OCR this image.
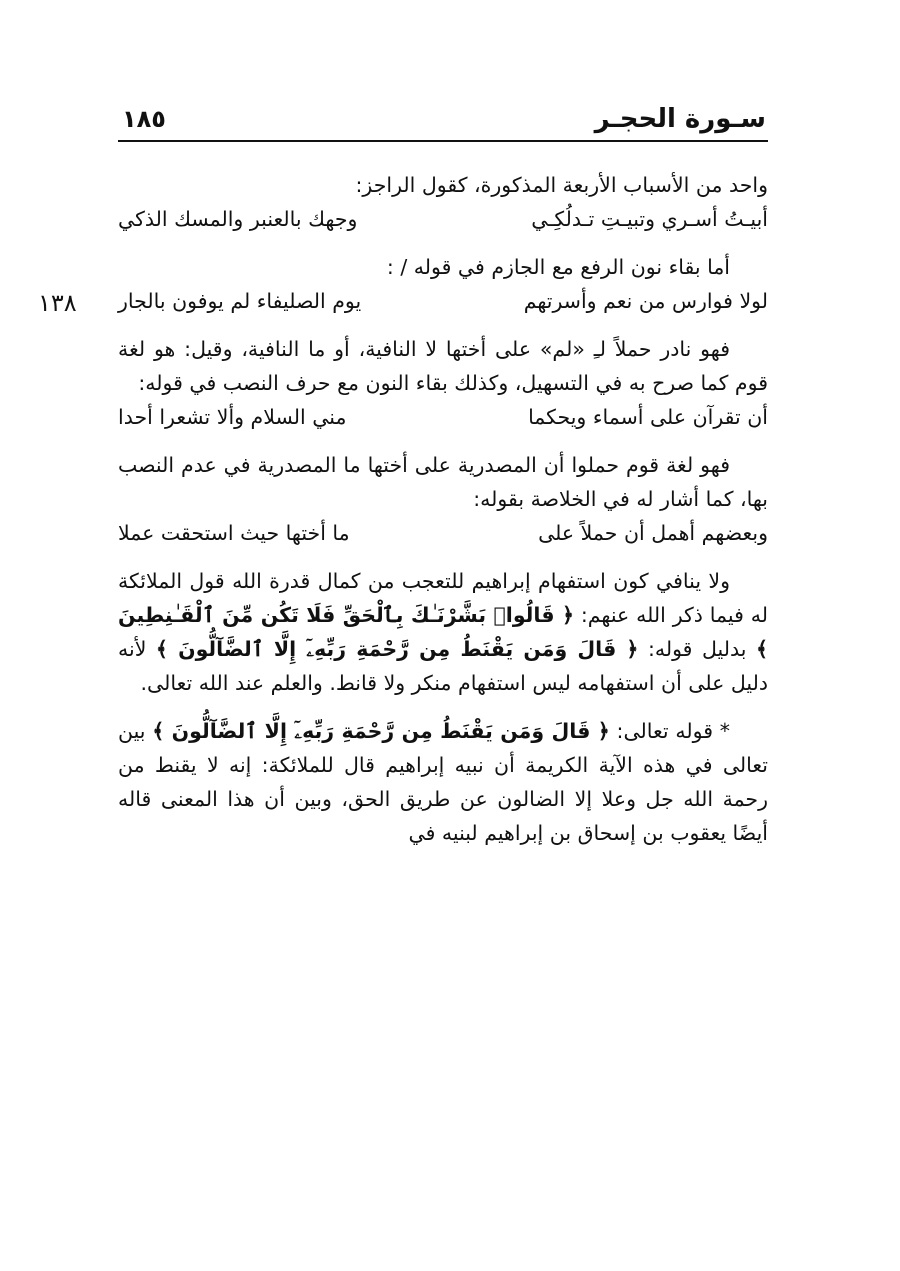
سـورة الحجـر
١٨٥
١٣٨

واحد من الأسباب الأربعة المذكورة، كقول الراجز:

أبيـتُ أسـري وتبيـتِ تـدلُكِـي
وجهك بالعنبر والمسك الذكي

أما بقاء نون الرفع مع الجازم في قوله / :

لولا فوارس من نعم وأسرتهم
يوم الصليفاء لم يوفون بالجار

فهو نادر حملاً لـِ «لم» على أختها لا النافية، أو ما النافية، وقيل: هو لغة قوم كما صرح به في التسهيل، وكذلك بقاء النون مع حرف النصب في قوله:

أن تقرآن على أسماء ويحكما
مني السلام وألا تشعرا أحدا

فهو لغة قوم حملوا أن المصدرية على أختها ما المصدرية في عدم النصب بها، كما أشار له في الخلاصة بقوله:

وبعضهم أهمل أن حملاً على
ما أختها حيث استحقت عملا

ولا ينافي كون استفهام إبراهيم للتعجب من كمال قدرة الله قول الملائكة له فيما ذكر الله عنهم: ﴿ قَالُوا۟ بَشَّرْنَـٰكَ بِٱلْحَقِّ فَلَا تَكُن مِّنَ ٱلْقَـٰنِطِينَ ﴾ بدليل قوله: ﴿ قَالَ وَمَن يَقْنَطُ مِن رَّحْمَةِ رَبِّهِۦٓ إِلَّا ٱلضَّآلُّونَ ﴾ لأنه دليل على أن استفهامه ليس استفهام منكر ولا قانط. والعلم عند الله تعالى.

* قوله تعالى: ﴿ قَالَ وَمَن يَقْنَطُ مِن رَّحْمَةِ رَبِّهِۦٓ إِلَّا ٱلضَّآلُّونَ ﴾ بين تعالى في هذه الآية الكريمة أن نبيه إبراهيم قال للملائكة: إنه لا يقنط من رحمة الله جل وعلا إلا الضالون عن طريق الحق، وبين أن هذا المعنى قاله أيضًا يعقوب بن إسحاق بن إبراهيم لبنيه في
